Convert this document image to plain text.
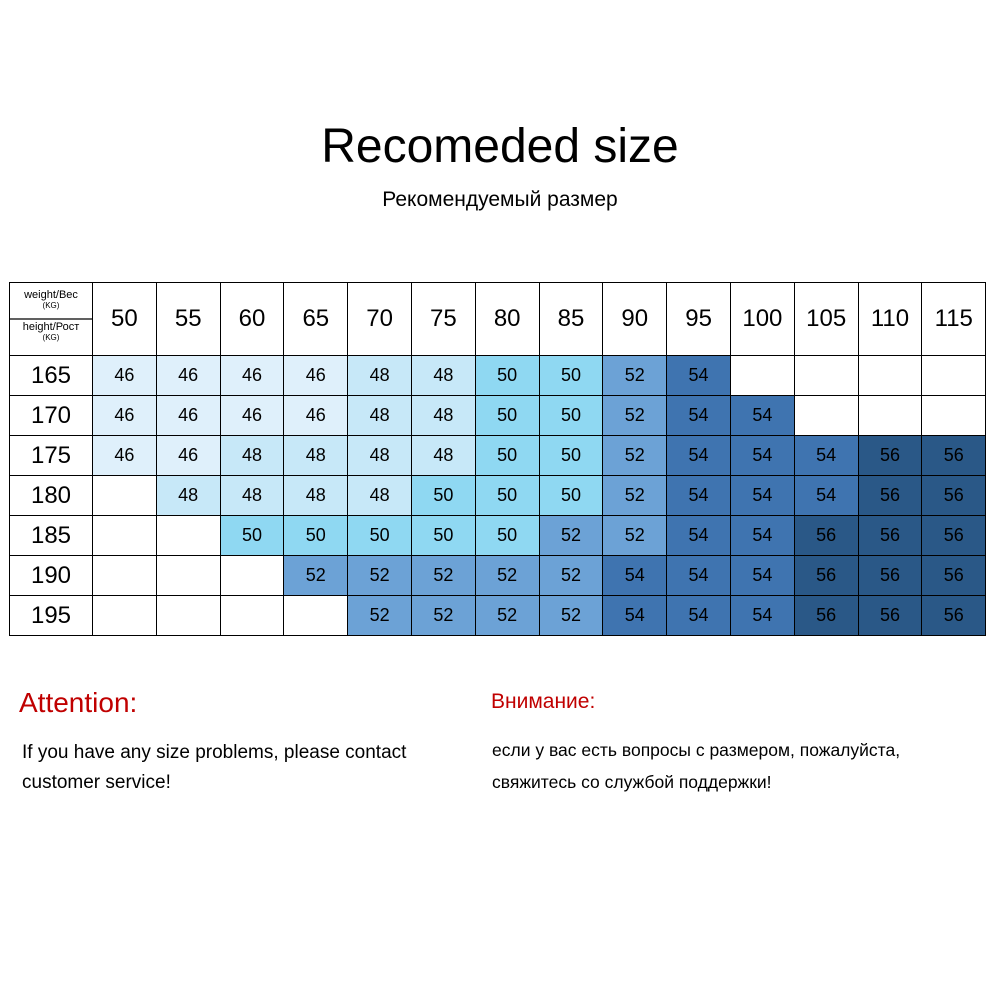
Recomeded size
Рекомендуемый размер
weight/Вес
(KG)
height/Рост
(KG)	50	55	60	65	70	75	80	85	90	95	100	105	110	115
165	46	46	46	46	48	48	50	50	52	54				
170	46	46	46	46	48	48	50	50	52	54	54			
175	46	46	48	48	48	48	50	50	52	54	54	54	56	56
180		48	48	48	48	50	50	50	52	54	54	54	56	56
185			50	50	50	50	50	52	52	54	54	56	56	56
190				52	52	52	52	52	54	54	54	56	56	56
195					52	52	52	52	54	54	54	56	56	56
Attention:	Внимание:
If you have any size problems, please contact
customer service!
если у вас есть вопросы с размером, пожалуйста,
свяжитесь со службой поддержки!
